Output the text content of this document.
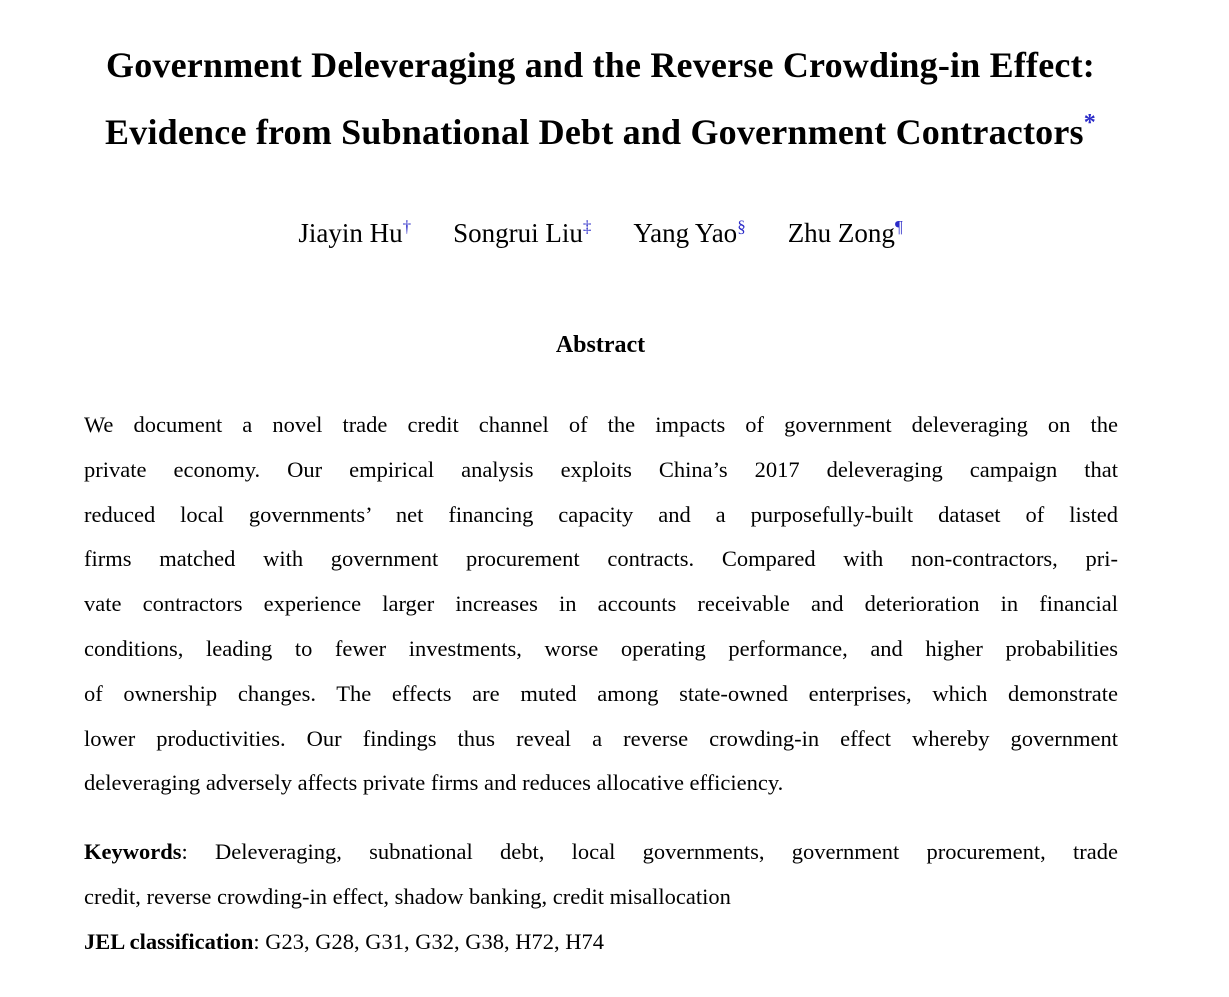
Government Deleveraging and the Reverse Crowding-in Effect:
Evidence from Subnational Debt and Government Contractors*
Jiayin Hu† Songrui Liu‡ Yang Yao§ Zhu Zong¶
Abstract
We document a novel trade credit channel of the impacts of government deleveraging on the
private economy. Our empirical analysis exploits China’s 2017 deleveraging campaign that
reduced local governments’ net financing capacity and a purposefully-built dataset of listed
firms matched with government procurement contracts. Compared with non-contractors, pri-
vate contractors experience larger increases in accounts receivable and deterioration in financial
conditions, leading to fewer investments, worse operating performance, and higher probabilities
of ownership changes. The effects are muted among state-owned enterprises, which demonstrate
lower productivities. Our findings thus reveal a reverse crowding-in effect whereby government
deleveraging adversely affects private firms and reduces allocative efficiency.
Keywords: Deleveraging, subnational debt, local governments, government procurement, trade
credit, reverse crowding-in effect, shadow banking, credit misallocation
JEL classification: G23, G28, G31, G32, G38, H72, H74
